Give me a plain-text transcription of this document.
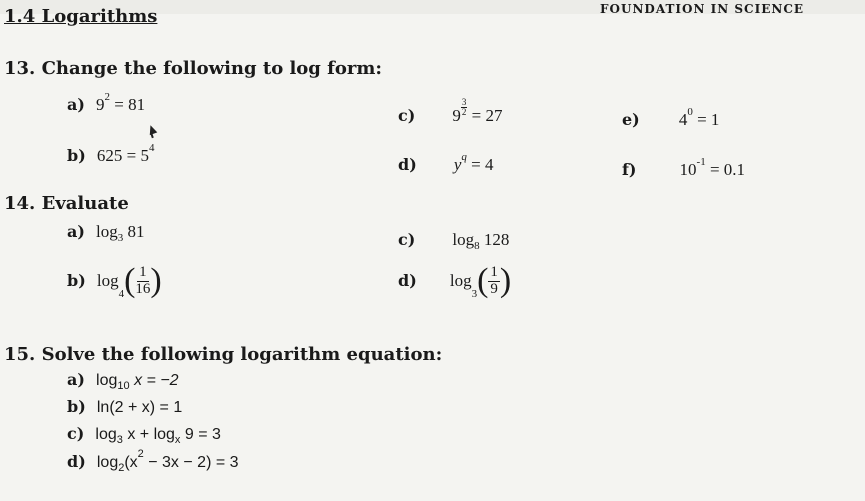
FOUNDATION IN SCIENCE
1.4 Logarithms
13. Change the following to log form:
a) $9^2 = 81$
b) $625 = 5^4$
c) $9 \frac{3}{2} = 27$
d) $y^q = 4$
e) $4^0 = 1$
f)	$10^{-1} = 0.1$
14. Evaluate
a) $\log_3 81$	c) $\log_8 128$
b) $\log_4( \frac{1}{16}$ )	d) $\log_3( \frac{1}{9}$ )
15. Solve the following logarithm equation:
a) $\log_{10} x = -2$
b) ln(2 + x) = 1
c) $\log_3 x + \log_x 9 = 3$
d) $\log_2(x^2 - 3x - 2) = 3$
